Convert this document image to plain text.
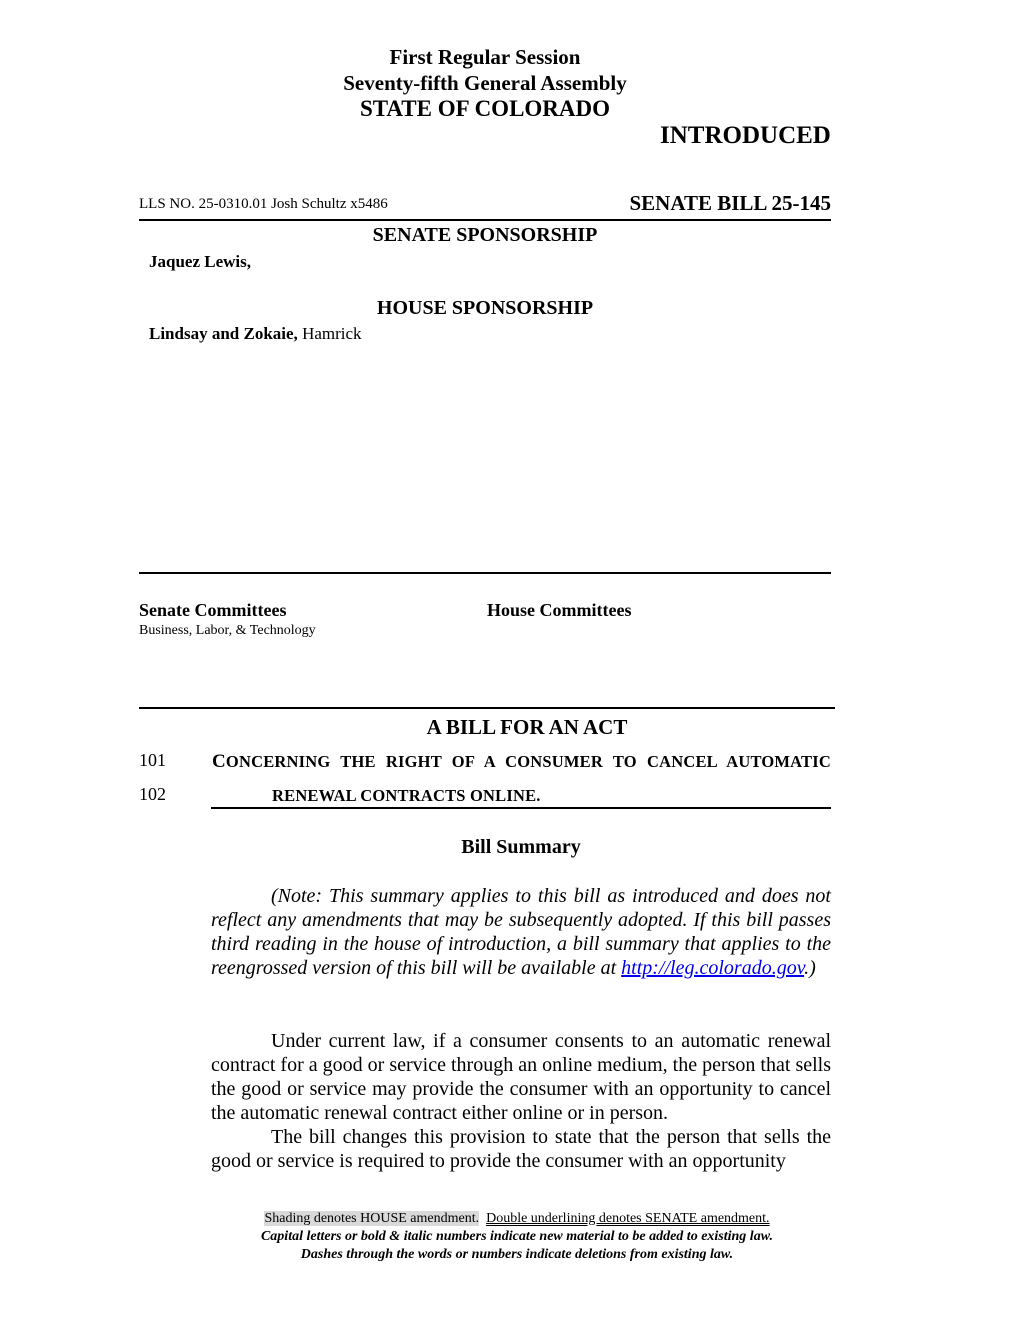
First Regular Session
Seventy-fifth General Assembly
STATE OF COLORADO
INTRODUCED
LLS NO. 25-0310.01 Josh Schultz x5486	SENATE BILL 25-145
SENATE SPONSORSHIP
Jaquez Lewis,
HOUSE SPONSORSHIP
Lindsay and Zokaie, Hamrick
Senate Committees
Business, Labor, & Technology
House Committees
A BILL FOR AN ACT
101 CONCERNING THE RIGHT OF A CONSUMER TO CANCEL AUTOMATIC
102	RENEWAL CONTRACTS ONLINE.
Bill Summary
(Note: This summary applies to this bill as introduced and does not reflect any amendments that may be subsequently adopted. If this bill passes third reading in the house of introduction, a bill summary that applies to the reengrossed version of this bill will be available at http://leg.colorado.gov.)
Under current law, if a consumer consents to an automatic renewal contract for a good or service through an online medium, the person that sells the good or service may provide the consumer with an opportunity to cancel the automatic renewal contract either online or in person.
The bill changes this provision to state that the person that sells the good or service is required to provide the consumer with an opportunity
Shading denotes HOUSE amendment. Double underlining denotes SENATE amendment.
Capital letters or bold & italic numbers indicate new material to be added to existing law.
Dashes through the words or numbers indicate deletions from existing law.
